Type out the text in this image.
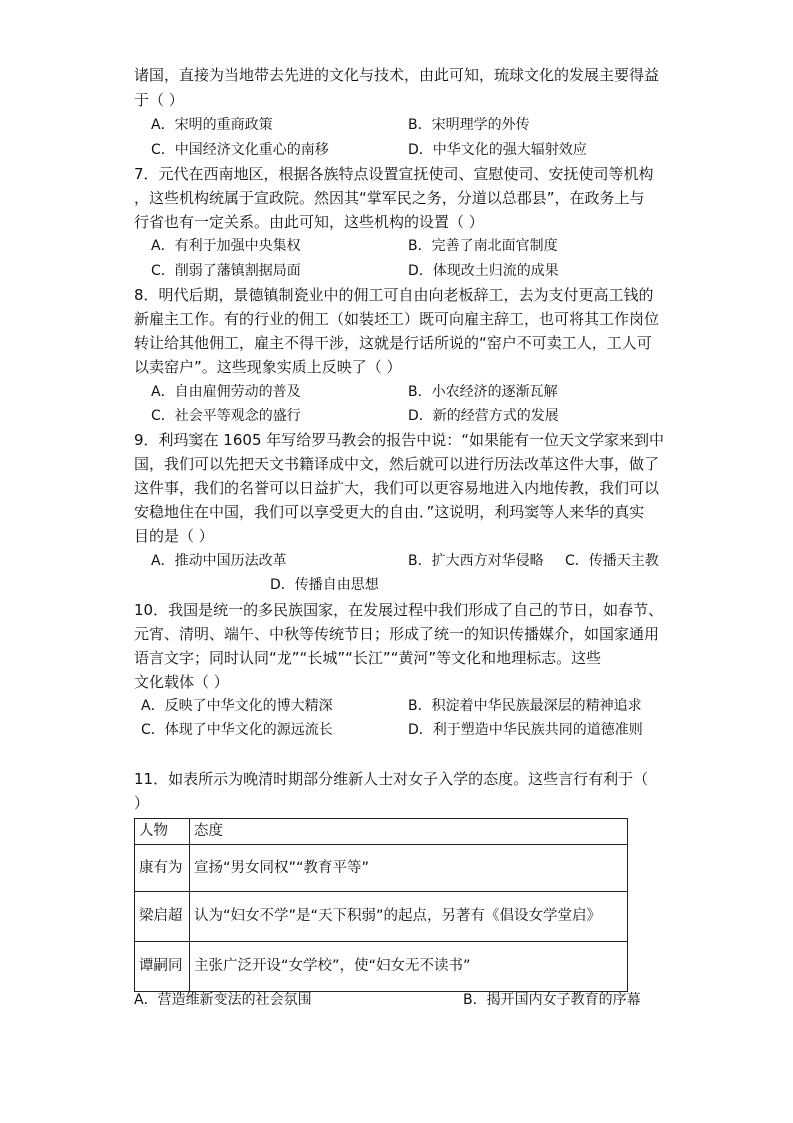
诸国，直接为当地带去先进的文化与技术，由此可知，琉球文化的发展主要得益
于（ ）
A．宋明的重商政策	B．宋明理学的外传
C．中国经济文化重心的南移	D．中华文化的强大辐射效应
7．元代在西南地区，根据各族特点设置宣抚使司、宣慰使司、安抚使司等机构
，这些机构统属于宣政院。然因其“掌军民之务，分道以总郡县”，在政务上与
行省也有一定关系。由此可知，这些机构的设置（ ）
A．有利于加强中央集权	B．完善了南北面官制度
C．削弱了藩镇割据局面	D．体现改土归流的成果
8．明代后期，景德镇制瓷业中的佣工可自由向老板辞工，去为支付更高工钱的
新雇主工作。有的行业的佣工（如装坯工）既可向雇主辞工，也可将其工作岗位
转让给其他佣工，雇主不得干涉，这就是行话所说的“窑户不可卖工人，工人可
以卖窑户”。这些现象实质上反映了（ ）
A．自由雇佣劳动的普及	B．小农经济的逐渐瓦解
C．社会平等观念的盛行	D．新的经营方式的发展
9．利玛窦在 1605 年写给罗马教会的报告中说：“如果能有一位天文学家来到中
国，我们可以先把天文书籍译成中文，然后就可以进行历法改革这件大事，做了
这件事，我们的名誉可以日益扩大，我们可以更容易地进入内地传教，我们可以
安稳地住在中国，我们可以享受更大的自由．”这说明，利玛窦等人来华的真实
目的是（ ）
A．推动中国历法改革	B．扩大西方对华侵略 C．传播天主教
D．传播自由思想
10．我国是统一的多民族国家，在发展过程中我们形成了自己的节日，如春节、
元宵、清明、端午、中秋等传统节日；形成了统一的知识传播媒介，如国家通用
语言文字；同时认同“龙”“长城”“长江”“黄河”等文化和地理标志。这些
文化载体（ ）
A．反映了中华文化的博大精深	B．积淀着中华民族最深层的精神追求
C．体现了中华文化的源远流长	D．利于塑造中华民族共同的道德准则
11．如表所示为晚清时期部分维新人士对女子入学的态度。这些言行有利于（
）
人物	态度
康有为	宣扬“男女同权”“教育平等”
梁启超	认为“妇女不学”是“天下积弱”的起点，另著有《倡设女学堂启》
谭嗣同	主张广泛开设“女学校”，使“妇女无不读书”
A．营造维新变法的社会氛围	B．揭开国内女子教育的序幕
